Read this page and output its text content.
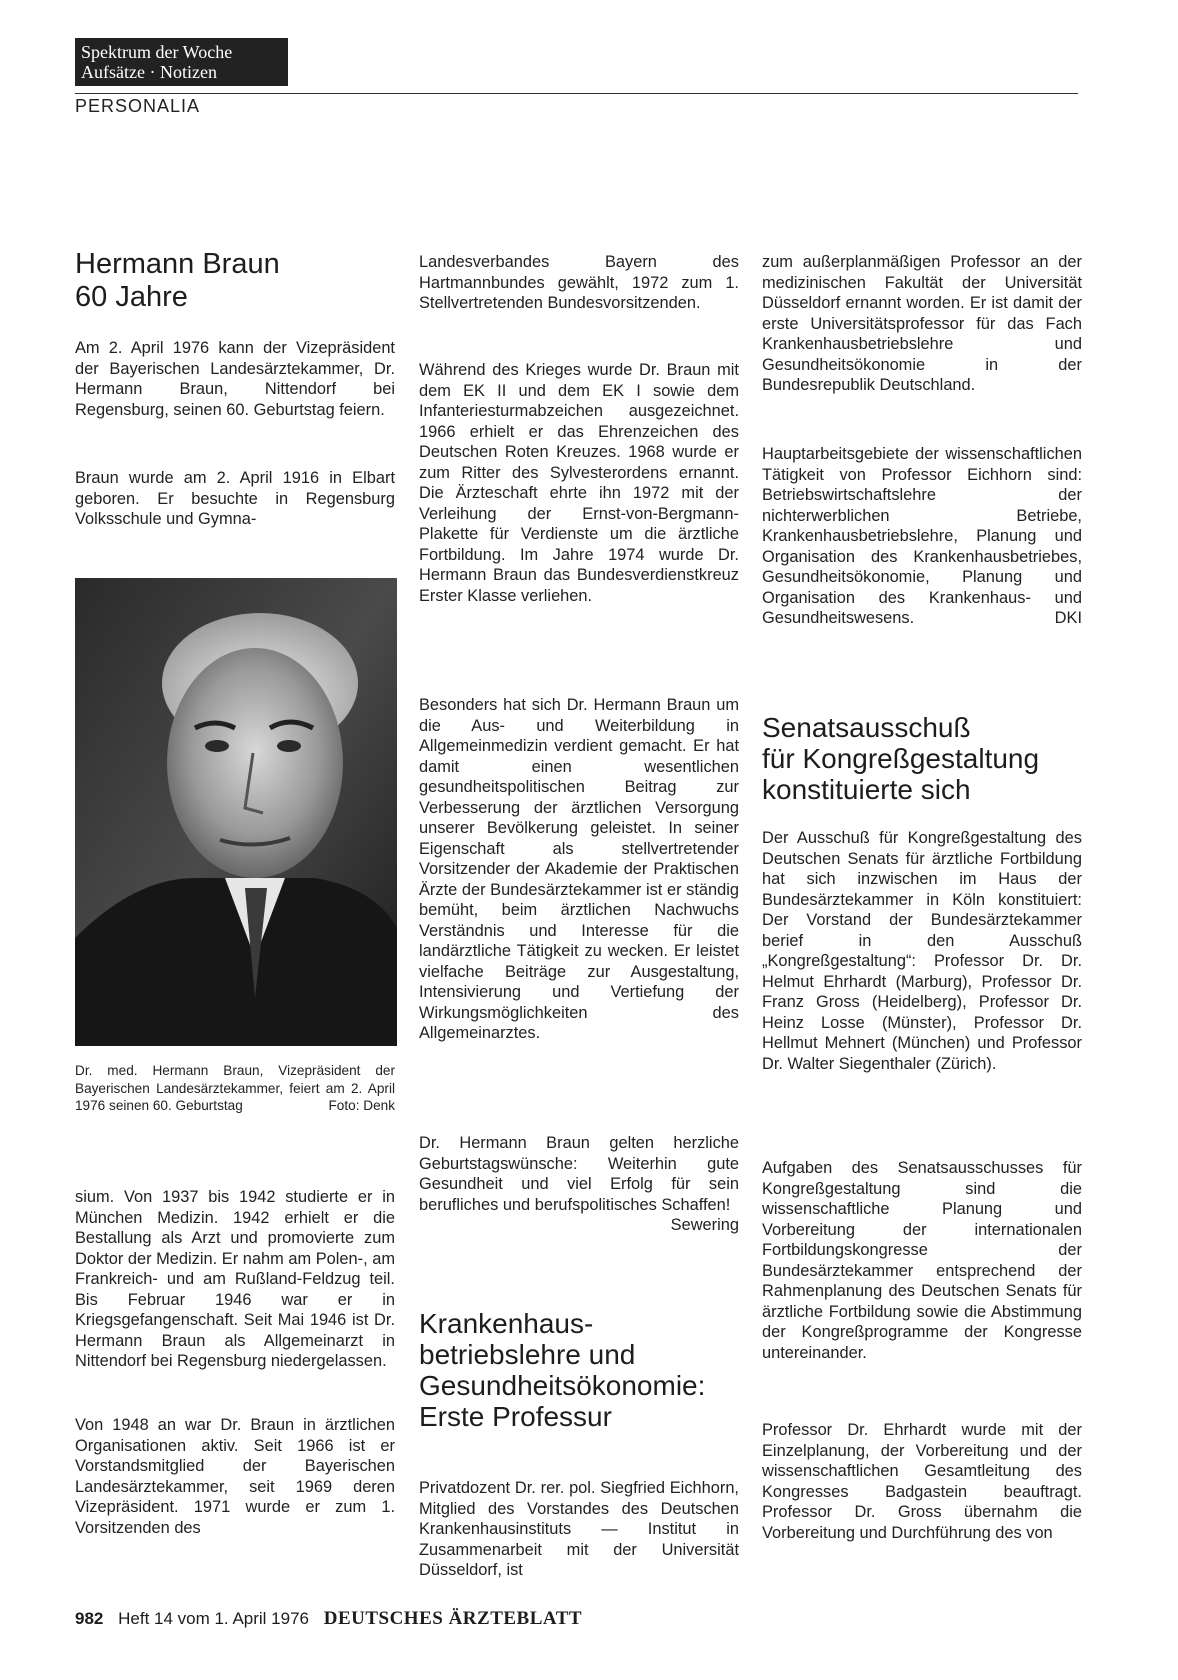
Spektrum der Woche
Aufsätze · Notizen
PERSONALIA
Hermann Braun
60 Jahre

Am 2. April 1976 kann der Vizepräsident der Bayerischen Landesärztekammer, Dr. Hermann Braun, Nittendorf bei Regensburg, seinen 60. Geburtstag feiern.

Braun wurde am 2. April 1916 in Elbart geboren. Er besuchte in Regensburg Volksschule und Gymna-

Dr. med. Hermann Braun, Vizepräsident der Bayerischen Landesärztekammer, feiert am 2. April 1976 seinen 60. Geburtstag	Foto: Denk

sium. Von 1937 bis 1942 studierte er in München Medizin. 1942 erhielt er die Bestallung als Arzt und promovierte zum Doktor der Medizin. Er nahm am Polen-, am Frankreich- und am Rußland-Feldzug teil. Bis Februar 1946 war er in Kriegsgefangenschaft. Seit Mai 1946 ist Dr. Hermann Braun als Allgemeinarzt in Nittendorf bei Regensburg niedergelassen.

Von 1948 an war Dr. Braun in ärztlichen Organisationen aktiv. Seit 1966 ist er Vorstandsmitglied der Bayerischen Landesärztekammer, seit 1969 deren Vizepräsident. 1971 wurde er zum 1. Vorsitzenden des

Landesverbandes Bayern des Hartmannbundes gewählt, 1972 zum 1. Stellvertretenden Bundesvorsitzenden.

Während des Krieges wurde Dr. Braun mit dem EK II und dem EK I sowie dem Infanteriesturmabzeichen ausgezeichnet. 1966 erhielt er das Ehrenzeichen des Deutschen Roten Kreuzes. 1968 wurde er zum Ritter des Sylvesterordens ernannt. Die Ärzteschaft ehrte ihn 1972 mit der Verleihung der Ernst-von-Bergmann-Plakette für Verdienste um die ärztliche Fortbildung. Im Jahre 1974 wurde Dr. Hermann Braun das Bundesverdienstkreuz Erster Klasse verliehen.

Besonders hat sich Dr. Hermann Braun um die Aus- und Weiterbildung in Allgemeinmedizin verdient gemacht. Er hat damit einen wesentlichen gesundheitspolitischen Beitrag zur Verbesserung der ärztlichen Versorgung unserer Bevölkerung geleistet. In seiner Eigenschaft als stellvertretender Vorsitzender der Akademie der Praktischen Ärzte der Bundesärztekammer ist er ständig bemüht, beim ärztlichen Nachwuchs Verständnis und Interesse für die landärztliche Tätigkeit zu wecken. Er leistet vielfache Beiträge zur Ausgestaltung, Intensivierung und Vertiefung der Wirkungsmöglichkeiten des Allgemeinarztes.

Dr. Hermann Braun gelten herzliche Geburtstagswünsche: Weiterhin gute Gesundheit und viel Erfolg für sein berufliches und berufspolitisches Schaffen!
Sewering

Krankenhaus-
betriebslehre und
Gesundheitsökonomie:
Erste Professur

Privatdozent Dr. rer. pol. Siegfried Eichhorn, Mitglied des Vorstandes des Deutschen Krankenhausinstituts — Institut in Zusammenarbeit mit der Universität Düsseldorf, ist

zum außerplanmäßigen Professor an der medizinischen Fakultät der Universität Düsseldorf ernannt worden. Er ist damit der erste Universitätsprofessor für das Fach Krankenhausbetriebslehre und Gesundheitsökonomie in der Bundesrepublik Deutschland.

Hauptarbeitsgebiete der wissenschaftlichen Tätigkeit von Professor Eichhorn sind: Betriebswirtschaftslehre der nichterwerblichen Betriebe, Krankenhausbetriebslehre, Planung und Organisation des Krankenhausbetriebes, Gesundheitsökonomie, Planung und Organisation des Krankenhaus- und Gesundheitswesens.	DKI

Senatsausschuß
für Kongreßgestaltung
konstituierte sich

Der Ausschuß für Kongreßgestaltung des Deutschen Senats für ärztliche Fortbildung hat sich inzwischen im Haus der Bundesärztekammer in Köln konstituiert: Der Vorstand der Bundesärztekammer berief in den Ausschuß „Kongreßgestaltung“: Professor Dr. Dr. Helmut Ehrhardt (Marburg), Professor Dr. Franz Gross (Heidelberg), Professor Dr. Heinz Losse (Münster), Professor Dr. Hellmut Mehnert (München) und Professor Dr. Walter Siegenthaler (Zürich).

Aufgaben des Senatsausschusses für Kongreßgestaltung sind die wissenschaftliche Planung und Vorbereitung der internationalen Fortbildungskongresse der Bundesärztekammer entsprechend der Rahmenplanung des Deutschen Senats für ärztliche Fortbildung sowie die Abstimmung der Kongreßprogramme der Kongresse untereinander.

Professor Dr. Ehrhardt wurde mit der Einzelplanung, der Vorbereitung und der wissenschaftlichen Gesamtleitung des Kongresses Badgastein beauftragt. Professor Dr. Gross übernahm die Vorbereitung und Durchführung des von

982 Heft 14 vom 1. April 1976 DEUTSCHES ÄRZTEBLATT
